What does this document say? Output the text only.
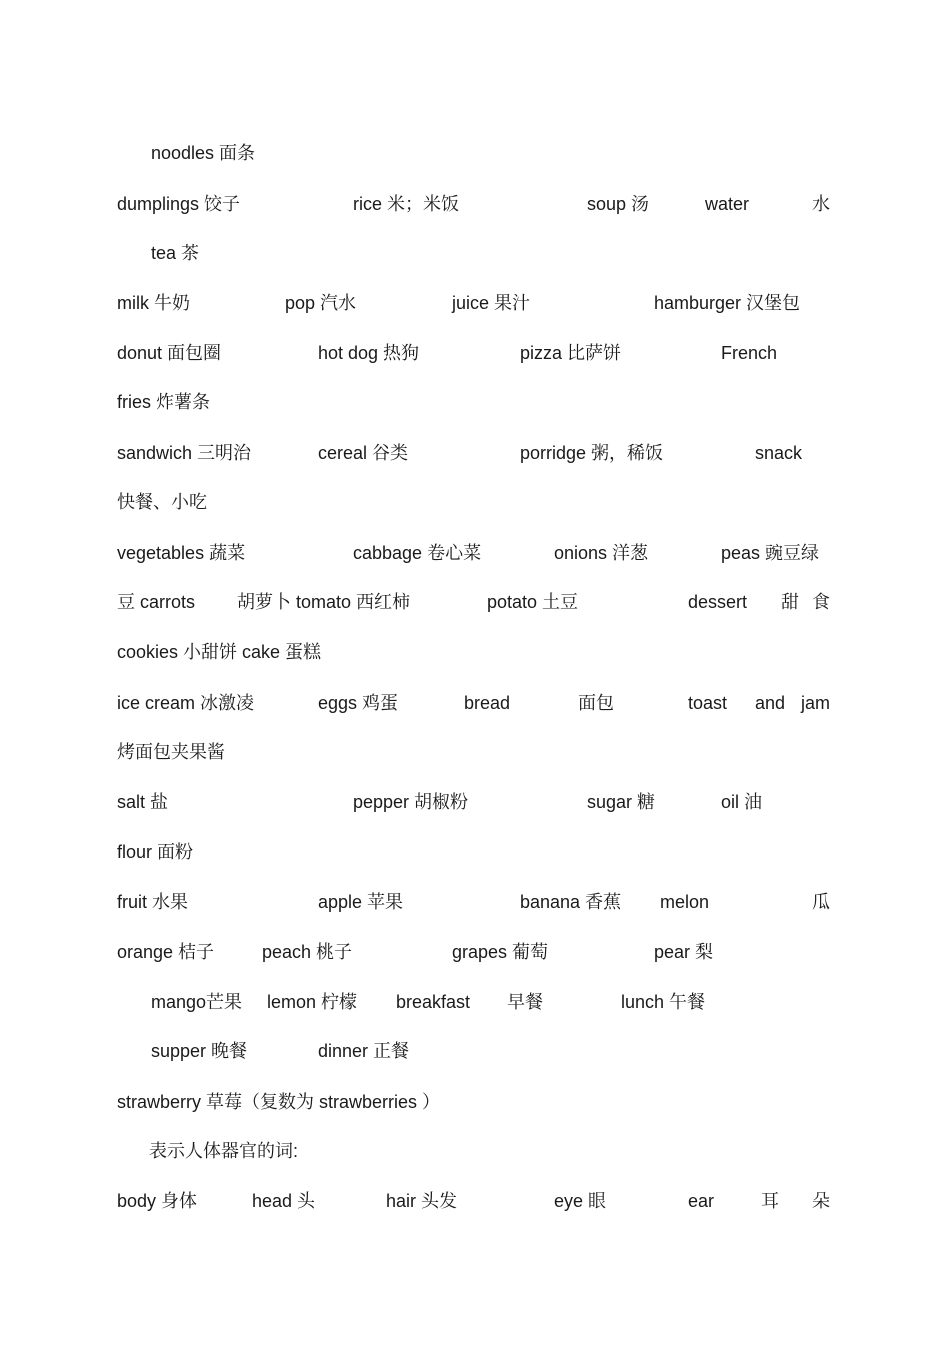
noodles 面条
dumplings 饺子	rice 米；米饭	soup 汤	water	水
tea 茶
milk 牛奶	pop 汽水	juice 果汁	hamburger 汉堡包
donut 面包圈	hot dog 热狗	pizza 比萨饼	French
fries 炸薯条
sandwich 三明治	cereal 谷类	porridge 粥，稀饭	snack
快餐、小吃
vegetables 蔬菜	cabbage 卷心菜	onions 洋葱	peas 豌豆绿
豆 carrots 胡萝卜 tomato 西红柿	potato 土豆	dessert 甜 食
cookies 小甜饼 cake 蛋糕
ice cream 冰激凌	eggs 鸡蛋	bread	面包	toast and jam
烤面包夹果酱
salt 盐	pepper 胡椒粉	sugar 糖	oil 油
flour 面粉
fruit 水果	apple 苹果	banana 香蕉 melon	瓜
orange 桔子	peach 桃子	grapes 葡萄	pear 梨
mango芒果 lemon 柠檬 breakfast 早餐	lunch 午餐
supper 晚餐	dinner 正餐
strawberry 草莓（复数为 strawberries ）
表示人体器官的词:
body 身体	head 头	hair 头发	eye 眼	ear	耳 朵
